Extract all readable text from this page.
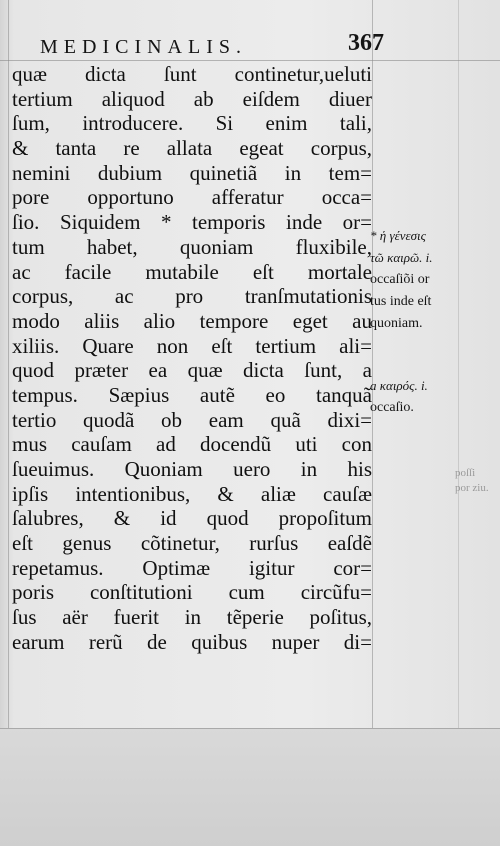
MEDICINALIS.	367
quæ dicta ſunt continetur,ueluti
tertium aliquod ab eiſdem diuer
ſum, introducere. Si enim tali,
& tanta re allata egeat corpus,
nemini dubium quinetiã in tem=
pore opportuno afferatur occa=
ſio. Siquidem * temporis inde or=
tum habet, quoniam fluxibile,
ac facile mutabile eſt mortale
corpus, ac pro tranſmutationis
modo aliis alio tempore eget au
xiliis. Quare non eſt tertium ali=
quod præter ea quæ dicta ſunt, a
tempus. Sæpius autẽ eo tanquã
tertio quodã ob eam quã dixi=
mus cauſam ad docendũ uti con
ſueuimus. Quoniam uero in his
ipſis intentionibus, & aliæ cauſæ
ſalubres, & id quod propoſitum
eſt genus cõtinetur, rurſus eaſdẽ
repetamus. Optimæ igitur cor=
poris conſtitutioni cum circũfu=
ſus aër fuerit in tẽperie poſitus,
earum rerũ de quibus nuper di=
* ἡ γένεσις
τῶ καιρῶ. i.
occaſiõi or
tus inde eſt
quoniam.
a καιρός. i.
occaſio.
poſſi
por ziu.
